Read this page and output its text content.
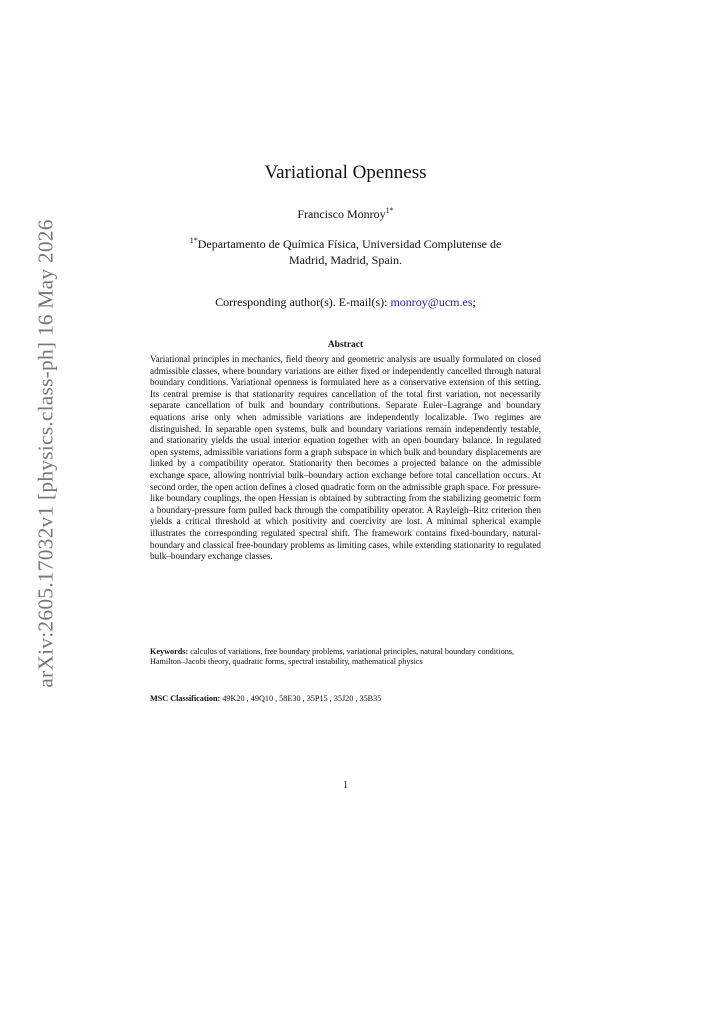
arXiv:2605.17032v1 [physics.class-ph] 16 May 2026
Variational Openness
Francisco Monroy$^{1*}$
$^{1*}$Departamento de Química Física, Universidad Complutense de
Madrid, Madrid, Spain.
Corresponding author(s). E-mail(s): monroy@ucm.es;
Abstract
Variational principles in mechanics, field theory and geometric analysis are usually formulated on closed admissible classes, where boundary variations are either fixed or independently cancelled through natural boundary conditions. Variational openness is formulated here as a conservative extension of this setting. Its central premise is that stationarity requires cancellation of the total first variation, not necessarily separate cancellation of bulk and boundary contributions. Separate Euler–Lagrange and boundary equations arise only when admissible variations are independently localizable. Two regimes are distinguished. In separable open systems, bulk and boundary variations remain independently testable, and stationarity yields the usual interior equation together with an open boundary balance. In regulated open systems, admissible variations form a graph subspace in which bulk and boundary displacements are linked by a compatibility operator. Stationarity then becomes a projected balance on the admissible exchange space, allowing nontrivial bulk–boundary action exchange before total cancellation occurs. At second order, the open action defines a closed quadratic form on the admissible graph space. For pressure-like boundary couplings, the open Hessian is obtained by subtracting from the stabilizing geometric form a boundary-pressure form pulled back through the compatibility operator. A Rayleigh–Ritz criterion then yields a critical threshold at which positivity and coercivity are lost. A minimal spherical example illustrates the corresponding regulated spectral shift. The framework contains fixed-boundary, natural-boundary and classical free-boundary problems as limiting cases, while extending stationarity to regulated bulk–boundary exchange classes.
Keywords: calculus of variations, free boundary problems, variational principles, natural boundary conditions, Hamilton–Jacobi theory, quadratic forms, spectral instability, mathematical physics
MSC Classification: 49K20 , 49Q10 , 58E30 , 35P15 , 35J20 , 35B35
1
